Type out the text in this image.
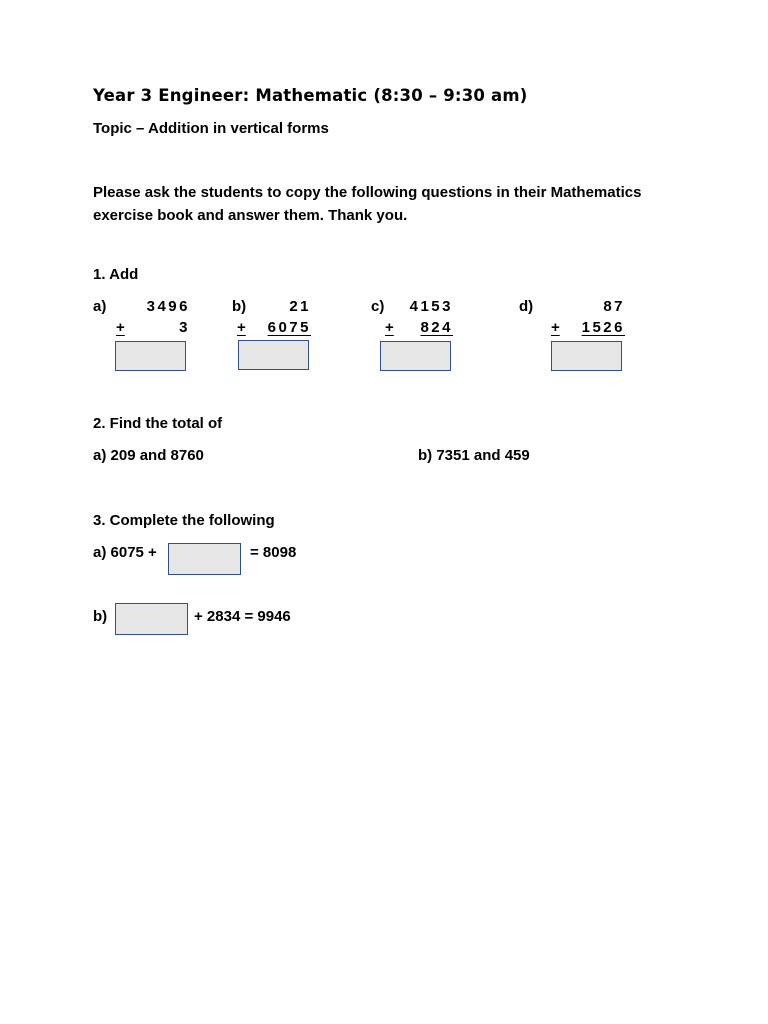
Year 3 Engineer: Mathematic (8:30 – 9:30 am)
Topic – Addition in vertical forms
Please ask the students to copy the following questions in their Mathematics
exercise book and answer them. Thank you.
1. Add
a)	3496
+	3
b)	21
+	6075
c)	4153
+	824
d)	87
+	1526
2. Find the total of
a) 209 and 8760	b) 7351 and 459
3. Complete the following
a) 6075 +	= 8098
b)	+ 2834 = 9946
